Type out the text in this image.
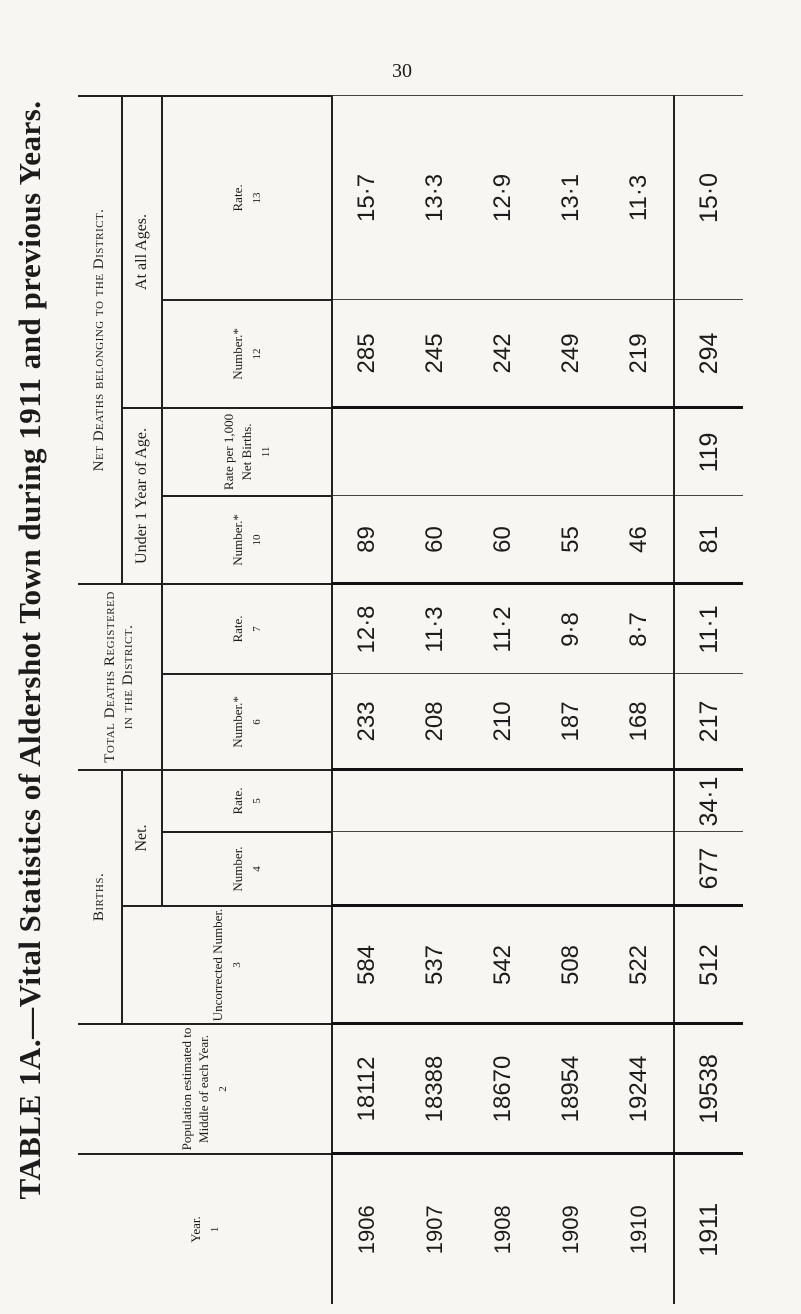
30
TABLE 1A.—Vital Statistics of Aldershot Town during 1911 and previous Years.
Year. 1	Population estimated to Middle of each Year. 2	Births.			Total Deaths Registered in the District.		Net Deaths belonging to the District.			
		Uncorrected Number. 3	Net.				Under 1 Year of Age.		At all Ages.	
			Number. 4	Rate. 5	Number.* 6	Rate. 7	Number.* 10	Rate per 1,000 Net Births. 11	Number.* 12	Rate. 13

1906	18112	584			233	12·8	89		285	15·7
1907	18388	537			208	11·3	60		245	13·3
1908	18670	542			210	11·2	60		242	12·9
1909	18954	508			187	9·8	55		249	13·1
1910	19244	522			168	8·7	46		219	11·3
1911	19538	512	677	34·1	217	11·1	81	119	294	15·0
